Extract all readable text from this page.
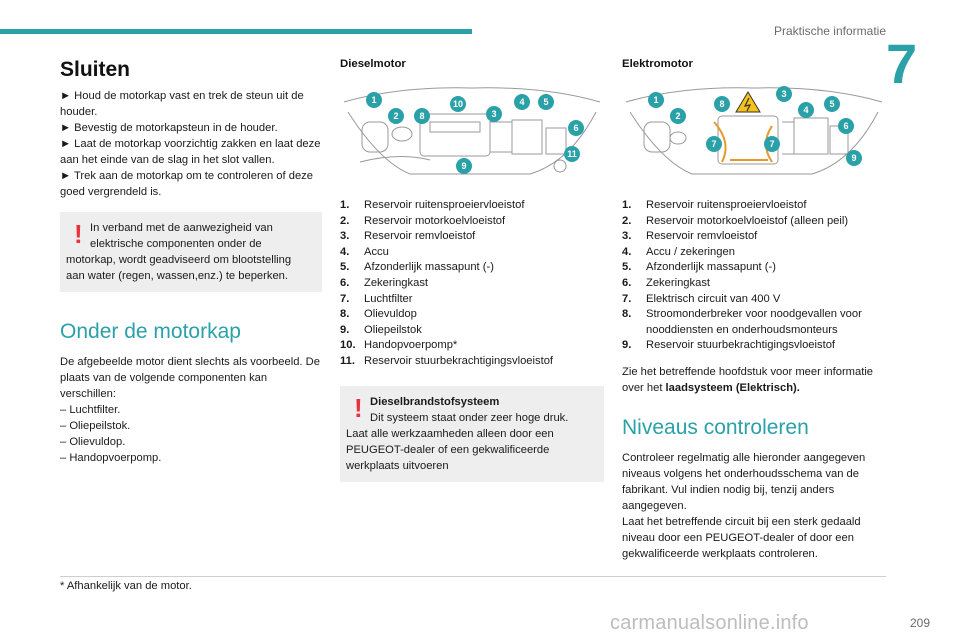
Praktische informatie
7
Sluiten
► Houd de motorkap vast en trek de steun uit de houder.
► Bevestig de motorkapsteun in de houder.
► Laat de motorkap voorzichtig zakken en laat deze aan het einde van de slag in het slot vallen.
► Trek aan de motorkap om te controleren of deze goed vergrendeld is.
! In verband met de aanwezigheid van elektrische componenten onder de
motorkap, wordt geadviseerd om blootstelling aan water (regen, wassen,enz.) te beperken.
Onder de motorkap
De afgebeelde motor dient slechts als voorbeeld. De plaats van de volgende componenten kan verschillen:
– Luchtfilter.
– Oliepeilstok.
– Olievuldop.
– Handopvoerpomp.
Dieselmotor
1
2 8
10
3
4 5
6
9
11
1.	Reservoir ruitensproeiervloeistof
2.	Reservoir motorkoelvloeistof
3.	Reservoir remvloeistof
4.	Accu
5.	Afzonderlijk massapunt (-)
6.	Zekeringkast
7.	Luchtfilter
8.	Olievuldop
9.	Oliepeilstok
10. Handopvoerpomp*
11. Reservoir stuurbekrachtigingsvloeistof
! Dieselbrandstofsysteem
Dit systeem staat onder zeer hoge druk.
Laat alle werkzaamheden alleen door een PEUGEOT-dealer of een gekwalificeerde werkplaats uitvoeren
Elektromotor
1
2
8
3
4
5
6
7	7
9
1.	Reservoir ruitensproeiervloeistof
2.	Reservoir motorkoelvloeistof (alleen peil)
3.	Reservoir remvloeistof
4.	Accu / zekeringen
5.	Afzonderlijk massapunt (-)
6.	Zekeringkast
7.	Elektrisch circuit van 400 V
8.	Stroomonderbreker voor noodgevallen voor nooddiensten en onderhoudsmonteurs
9.	Reservoir stuurbekrachtigingsvloeistof
Zie het betreffende hoofdstuk voor meer informatie over het laadsysteem (Elektrisch).
Niveaus controleren
Controleer regelmatig alle hieronder aangegeven niveaus volgens het onderhoudsschema van de fabrikant. Vul indien nodig bij, tenzij anders aangegeven.
Laat het betreffende circuit bij een sterk gedaald niveau door een PEUGEOT-dealer of door een gekwalificeerde werkplaats controleren.
* Afhankelijk van de motor.
carmanualsonline.info	209
